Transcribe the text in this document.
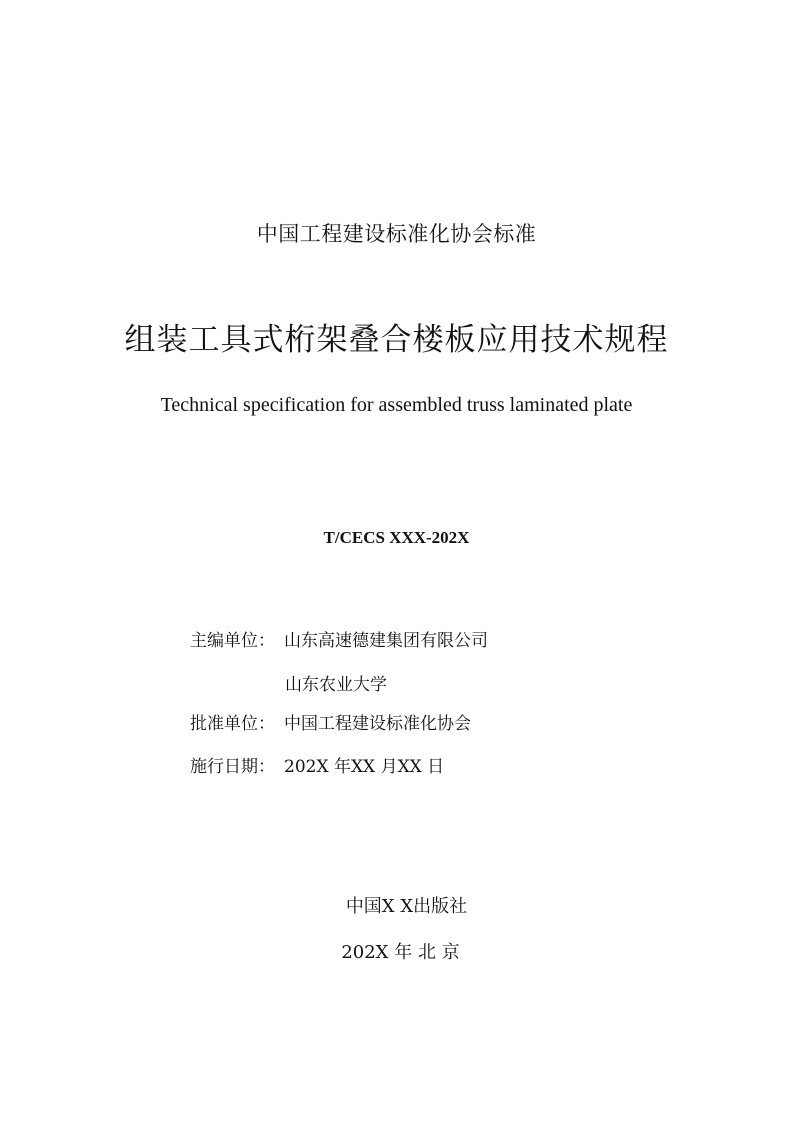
中国工程建设标准化协会标准
组装工具式桁架叠合楼板应用技术规程
Technical specification for assembled truss laminated plate
T/CECS XXX-202X
主编单位： 山东高速德建集团有限公司
山东农业大学
批准单位： 中国工程建设标准化协会
施行日期： 202X 年XX 月XX 日
中国X X出版社
202X 年 北 京
